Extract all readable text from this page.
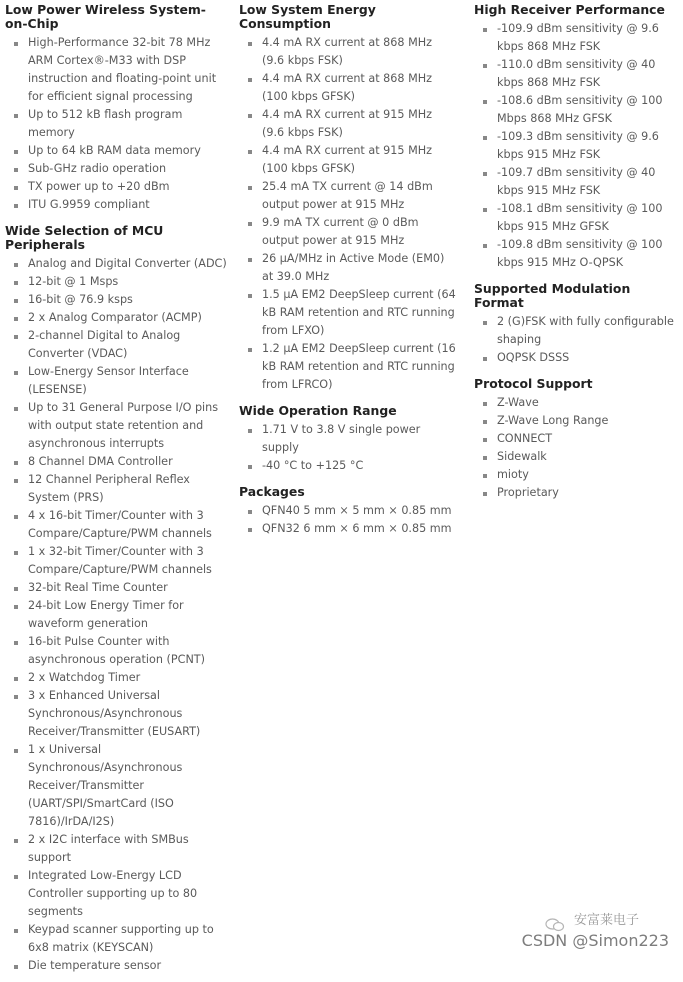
Low Power Wireless System-on-Chip
High-Performance 32-bit 78 MHz ARM Cortex®-M33 with DSP instruction and floating-point unit for efficient signal processing
Up to 512 kB flash program memory
Up to 64 kB RAM data memory
Sub-GHz radio operation
TX power up to +20 dBm
ITU G.9959 compliant
Wide Selection of MCU Peripherals
Analog and Digital Converter (ADC)
12-bit @ 1 Msps
16-bit @ 76.9 ksps
2 x Analog Comparator (ACMP)
2-channel Digital to Analog Converter (VDAC)
Low-Energy Sensor Interface (LESENSE)
Up to 31 General Purpose I/O pins with output state retention and asynchronous interrupts
8 Channel DMA Controller
12 Channel Peripheral Reflex System (PRS)
4 x 16-bit Timer/Counter with 3 Compare/Capture/PWM channels
1 x 32-bit Timer/Counter with 3 Compare/Capture/PWM channels
32-bit Real Time Counter
24-bit Low Energy Timer for waveform generation
16-bit Pulse Counter with asynchronous operation (PCNT)
2 x Watchdog Timer
3 x Enhanced Universal Synchronous/Asynchronous Receiver/Transmitter (EUSART)
1 x Universal Synchronous/Asynchronous Receiver/Transmitter (UART/SPI/SmartCard (ISO 7816)/IrDA/I2S)
2 x I2C interface with SMBus support
Integrated Low-Energy LCD Controller supporting up to 80 segments
Keypad scanner supporting up to 6x8 matrix (KEYSCAN)
Die temperature sensor
Low System Energy Consumption
4.4 mA RX current at 868 MHz (9.6 kbps FSK)
4.4 mA RX current at 868 MHz (100 kbps GFSK)
4.4 mA RX current at 915 MHz (9.6 kbps FSK)
4.4 mA RX current at 915 MHz (100 kbps GFSK)
25.4 mA TX current @ 14 dBm output power at 915 MHz
9.9 mA TX current @ 0 dBm output power at 915 MHz
26 µA/MHz in Active Mode (EM0) at 39.0 MHz
1.5 µA EM2 DeepSleep current (64 kB RAM retention and RTC running from LFXO)
1.2 µA EM2 DeepSleep current (16 kB RAM retention and RTC running from LFRCO)
Wide Operation Range
1.71 V to 3.8 V single power supply
-40 °C to +125 °C
Packages
QFN40 5 mm × 5 mm × 0.85 mm
QFN32 6 mm × 6 mm × 0.85 mm
High Receiver Performance
-109.9 dBm sensitivity @ 9.6 kbps 868 MHz FSK
-110.0 dBm sensitivity @ 40 kbps 868 MHz FSK
-108.6 dBm sensitivity @ 100 Mbps 868 MHz GFSK
-109.3 dBm sensitivity @ 9.6 kbps 915 MHz FSK
-109.7 dBm sensitivity @ 40 kbps 915 MHz FSK
-108.1 dBm sensitivity @ 100 kbps 915 MHz GFSK
-109.8 dBm sensitivity @ 100 kbps 915 MHz O-QPSK
Supported Modulation Format
2 (G)FSK with fully configurable shaping
OQPSK DSSS
Protocol Support
Z-Wave
Z-Wave Long Range
CONNECT
Sidewalk
mioty
Proprietary
安富莱电子
CSDN @Simon223
